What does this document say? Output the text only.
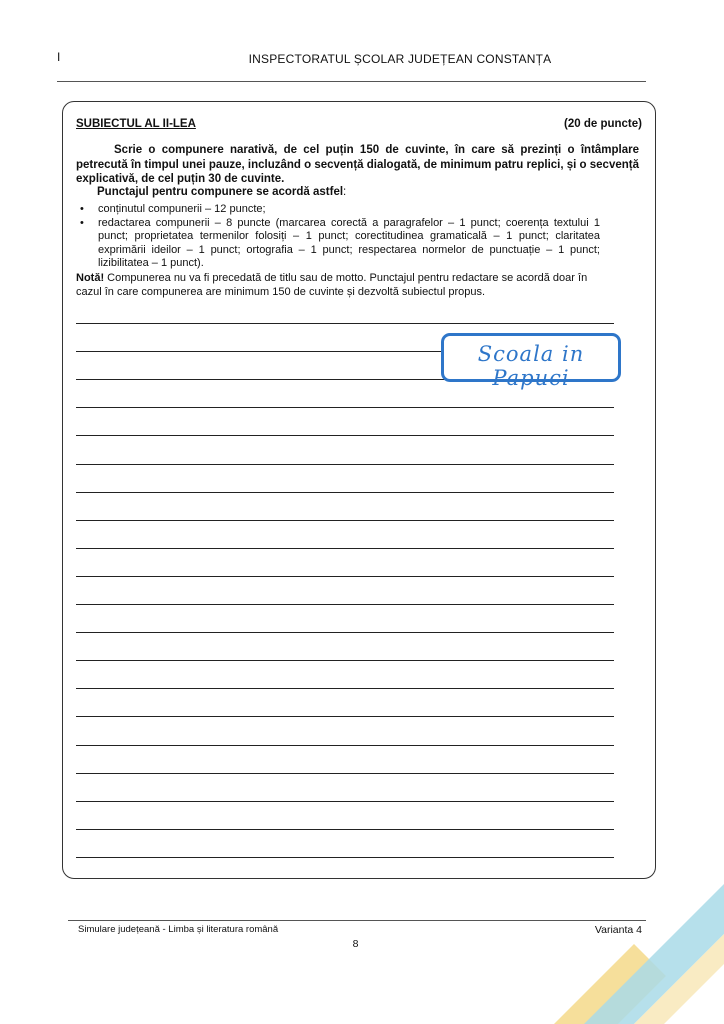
I	INSPECTORATUL ȘCOLAR JUDEȚEAN CONSTANȚA
SUBIECTUL AL II-LEA	(20 de puncte)

Scrie o compunere narativă, de cel puțin 150 de cuvinte, în care să prezinți o întâmplare petrecută în timpul unei pauze, incluzând o secvență dialogată, de minimum patru replici, și o secvență explicativă, de cel puțin 30 de cuvinte.

Punctajul pentru compunere se acordă astfel:
• conținutul compunerii – 12 puncte;
• redactarea compunerii – 8 puncte (marcarea corectă a paragrafelor – 1 punct; coerența textului 1 punct; proprietatea termenilor folosiți – 1 punct; corectitudinea gramaticală – 1 punct; claritatea exprimării ideilor – 1 punct; ortografia – 1 punct; respectarea normelor de punctuație – 1 punct; lizibilitatea – 1 punct).

Notă! Compunerea nu va fi precedată de titlu sau de motto. Punctajul pentru redactare se acordă doar în cazul în care compunerea are minimum 150 de cuvinte și dezvoltă subiectul propus.

Scoala in Papuci
Simulare județeană - Limba și literatura română	Varianta 4
8
